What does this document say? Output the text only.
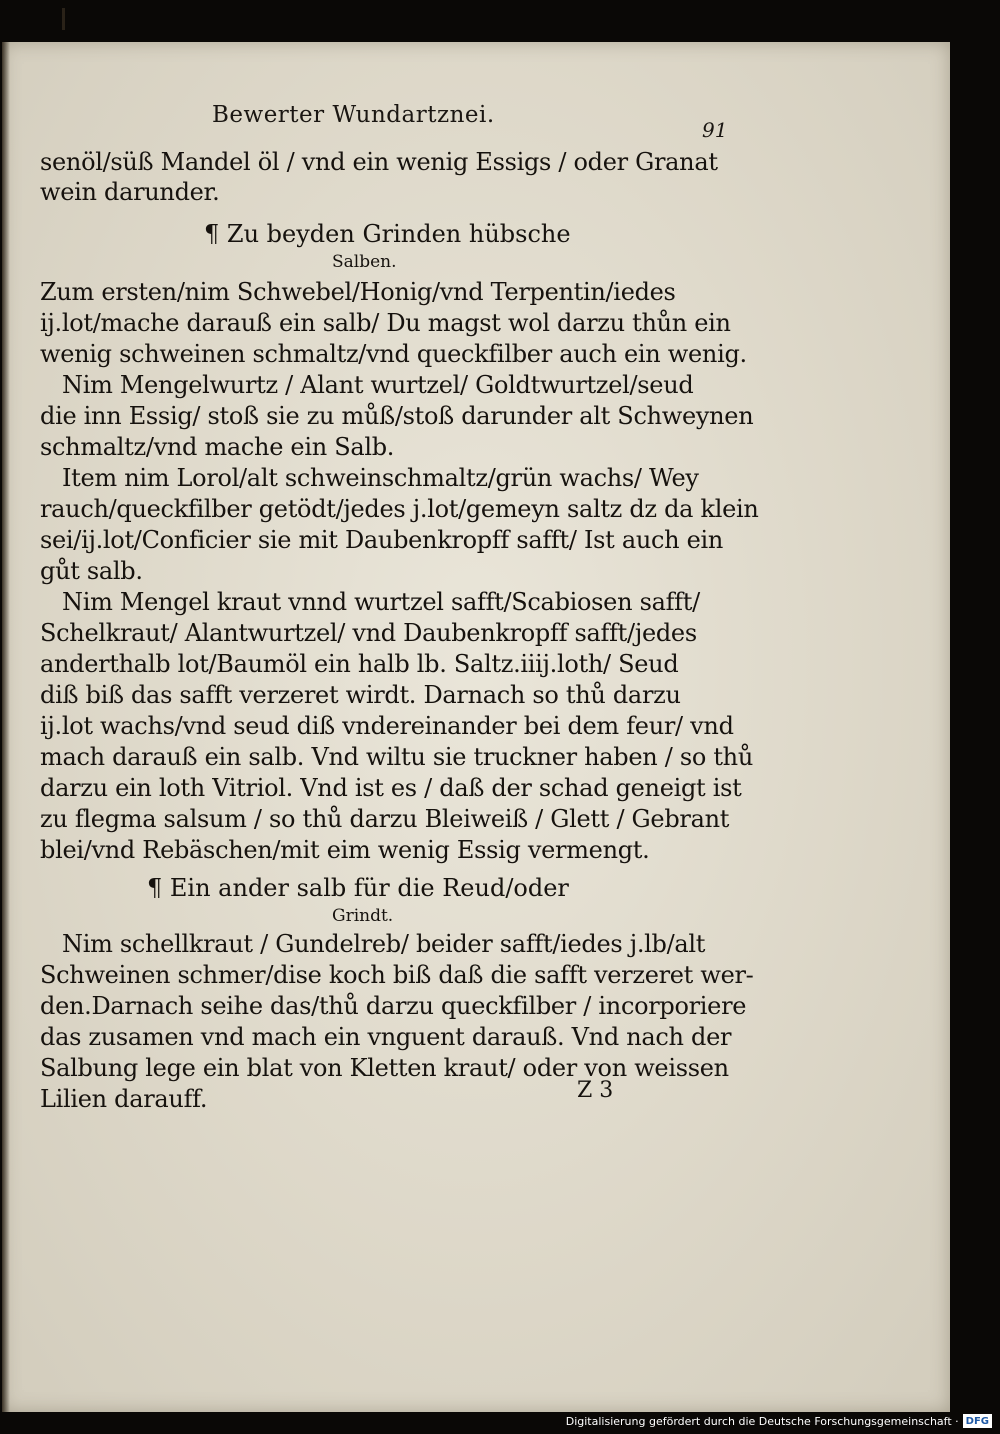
Bewerter Wundartznei.
91
senöl/süß Mandel öl / vnd ein wenig Essigs / oder Granat
wein darunder.
¶ Zu beyden Grinden hübsche
Salben.
Zum ersten/nim Schwebel/Honig/vnd Terpentin/iedes
ij.lot/mache darauß ein salb/ Du magst wol darzu thůn ein
wenig schweinen schmaltz/vnd queckfilber auch ein wenig.
Nim Mengelwurtz / Alant wurtzel/ Goldtwurtzel/seud
die inn Essig/ stoß sie zu můß/stoß darunder alt Schweynen
schmaltz/vnd mache ein Salb.
Item nim Lorol/alt schweinschmaltz/grün wachs/ Wey
rauch/queckfilber getödt/jedes j.lot/gemeyn saltz dz da klein
sei/ij.lot/Conficier sie mit Daubenkropff safft/ Ist auch ein
gůt salb.
Nim Mengel kraut vnnd wurtzel safft/Scabiosen safft/
Schelkraut/ Alantwurtzel/ vnd Daubenkropff safft/jedes
anderthalb lot/Baumöl ein halb lb. Saltz.iiij.loth/ Seud
diß biß das safft verzeret wirdt. Darnach so thů darzu
ij.lot wachs/vnd seud diß vndereinander bei dem feur/ vnd
mach darauß ein salb. Vnd wiltu sie truckner haben / so thů
darzu ein loth Vitriol. Vnd ist es / daß der schad geneigt ist
zu flegma salsum / so thů darzu Bleiweiß / Glett / Gebrant
blei/vnd Rebäschen/mit eim wenig Essig vermengt.
¶ Ein ander salb für die Reud/oder
Grindt.
Nim schellkraut / Gundelreb/ beider safft/iedes j.lb/alt
Schweinen schmer/dise koch biß daß die safft verzeret wer-
den.Darnach seihe das/thů darzu queckfilber / incorporiere
das zusamen vnd mach ein vnguent darauß. Vnd nach der
Salbung lege ein blat von Kletten kraut/ oder von weissen
Lilien darauff.	Z 3
Digitalisierung gefördert durch die Deutsche Forschungsgemeinschaft · DFG
